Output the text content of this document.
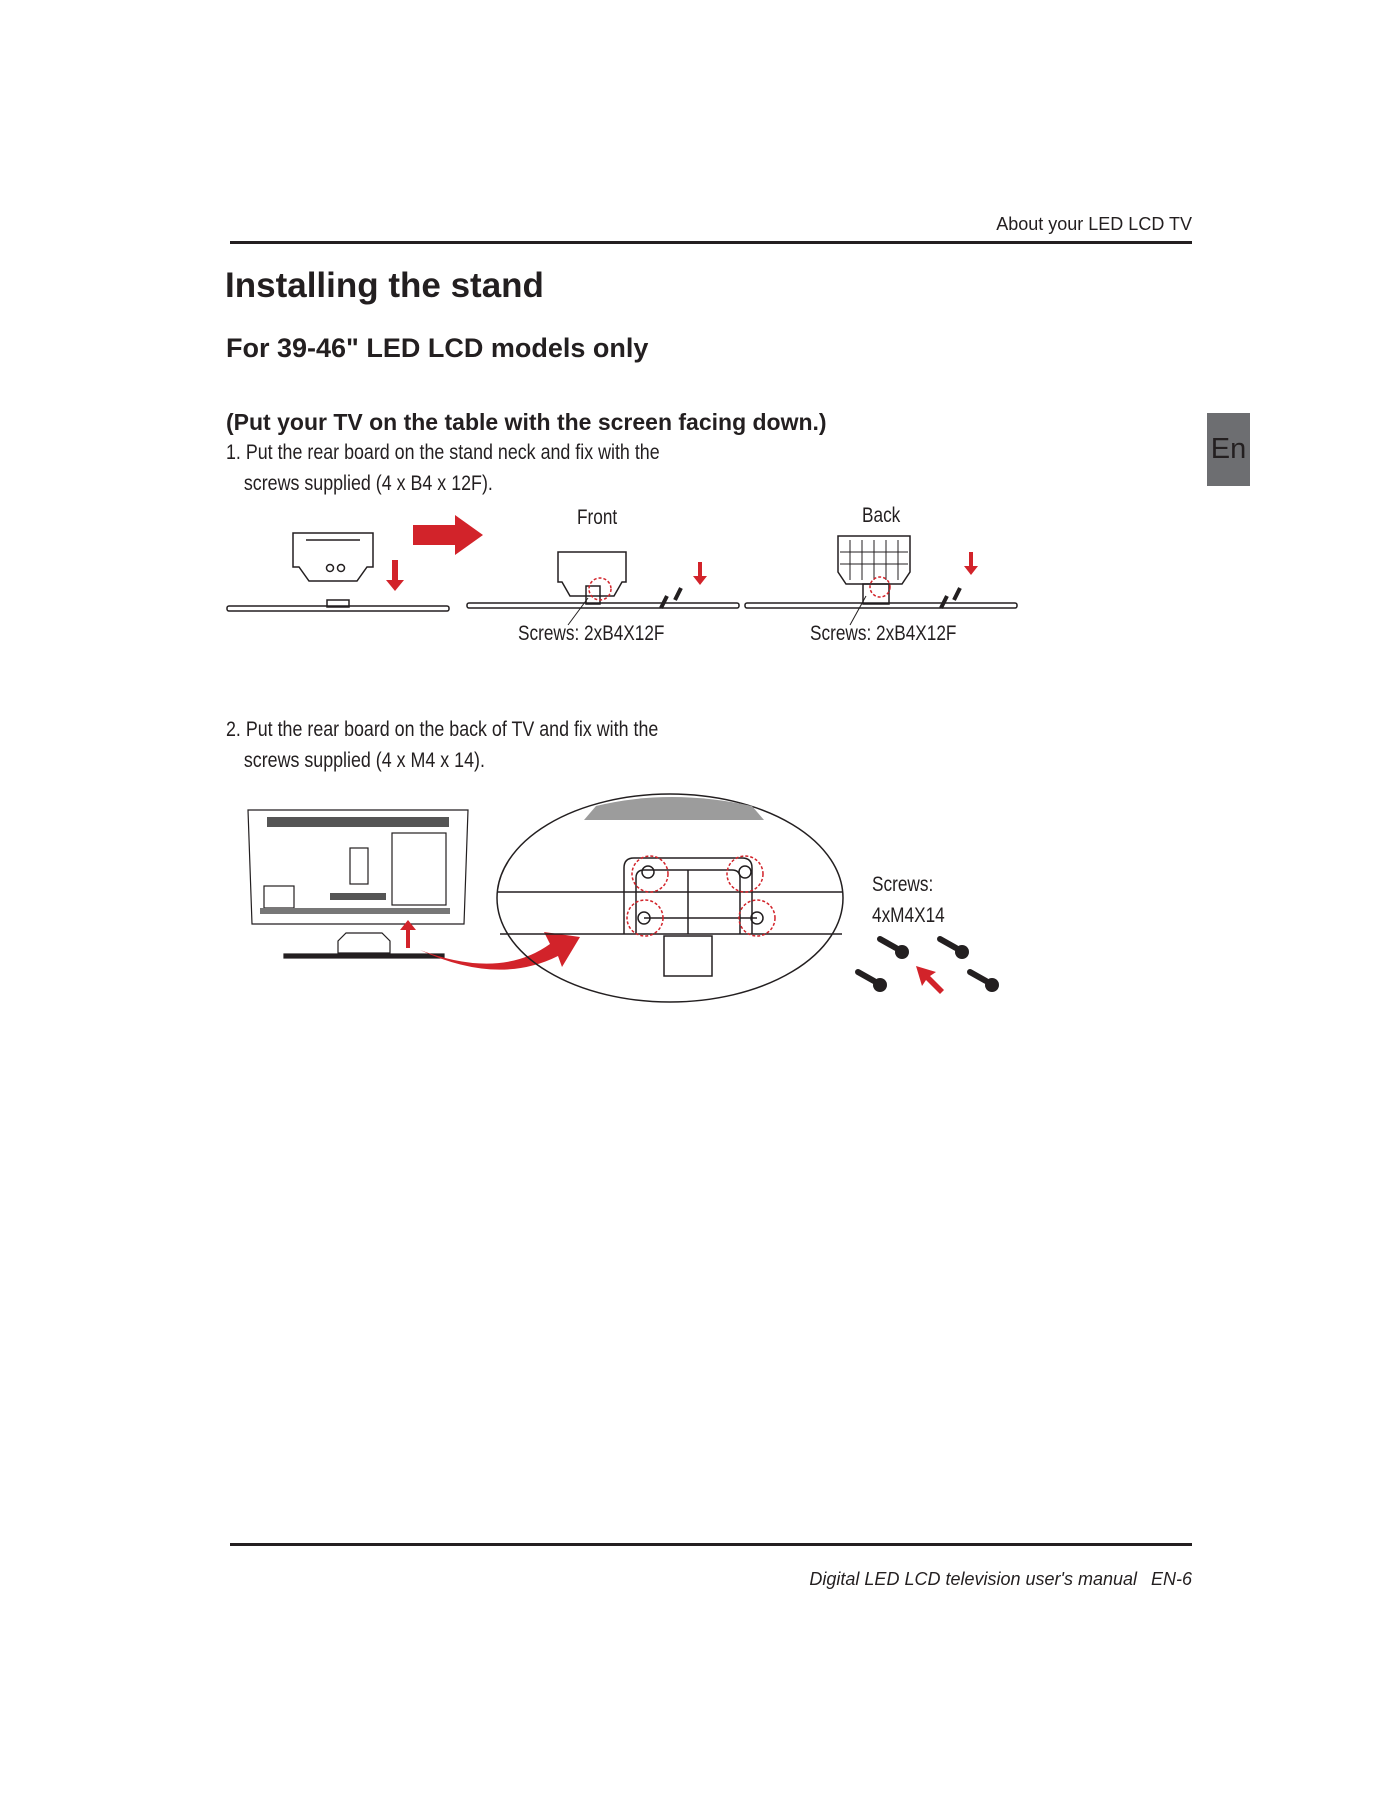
About your LED LCD TV
En
Installing the stand
For 39-46" LED LCD models only
(Put your TV on the table with the screen facing down.)
1. Put the rear board on the stand neck and fix with the
screws supplied (4 x B4 x 12F).
Front	Back
Screws: 2xB4X12F	Screws: 2xB4X12F
2. Put the rear board on the back of TV and fix with the
screws supplied (4 x M4 x 14).
Screws:
4xM4X14
Digital LED LCD television user's manual EN-6
